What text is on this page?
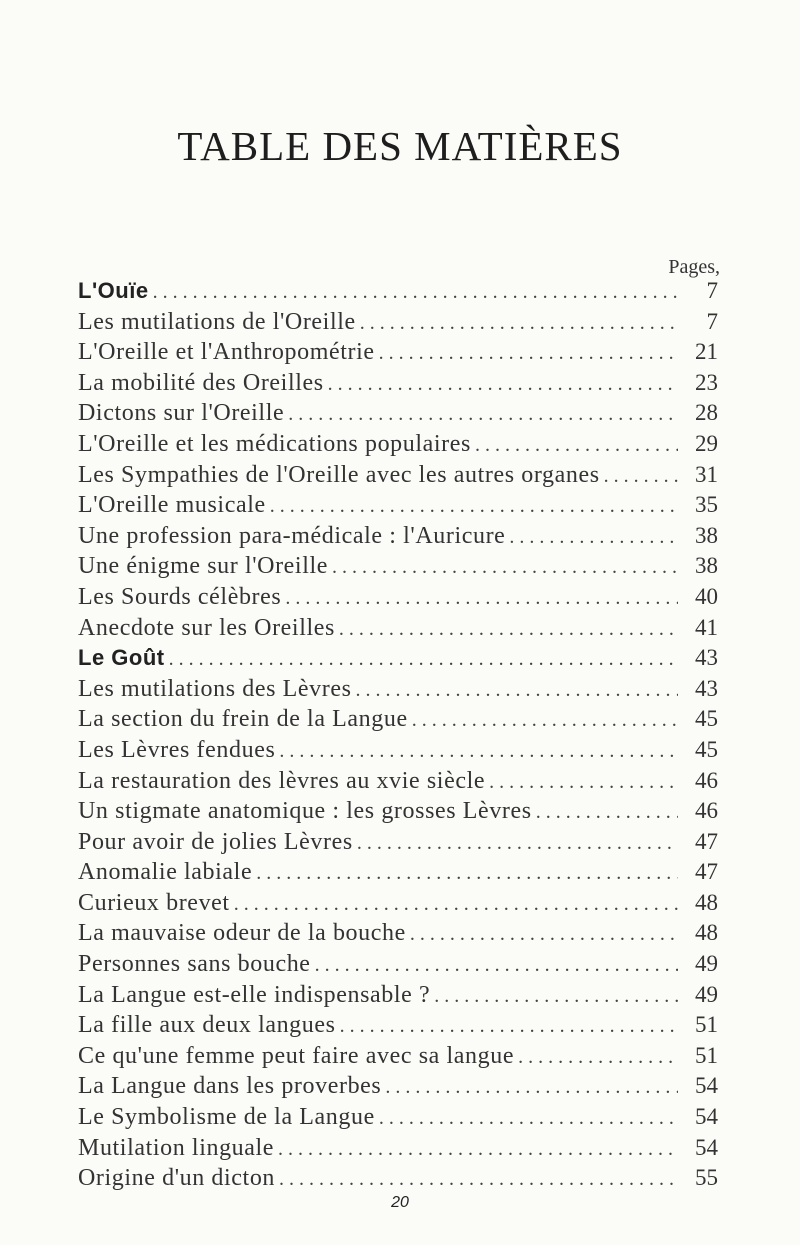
TABLE DES MATIÈRES
Pages,
L'Ouïe .....	7
Les mutilations de l'Oreille .....	7
L'Oreille et l'Anthropométrie .....	21
La mobilité des Oreilles .....	23
Dictons sur l'Oreille .....	28
L'Oreille et les médications populaires .....	29
Les Sympathies de l'Oreille avec les autres organes .....	31
L'Oreille musicale .....	35
Une profession para-médicale : l'Auricure .....	38
Une énigme sur l'Oreille .....	38
Les Sourds célèbres .....	40
Anecdote sur les Oreilles .....	41
Le Goût .....	43
Les mutilations des Lèvres .....	43
La section du frein de la Langue .....	45
Les Lèvres fendues .....	45
La restauration des lèvres au xvie siècle .....	46
Un stigmate anatomique : les grosses Lèvres .....	46
Pour avoir de jolies Lèvres .....	47
Anomalie labiale .....	47
Curieux brevet .....	48
La mauvaise odeur de la bouche .....	48
Personnes sans bouche .....	49
La Langue est-elle indispensable ? .....	49
La fille aux deux langues .....	51
Ce qu'une femme peut faire avec sa langue .....	51
La Langue dans les proverbes .....	54
Le Symbolisme de la Langue .....	54
Mutilation linguale .....	54
Origine d'un dicton .....	55
20
